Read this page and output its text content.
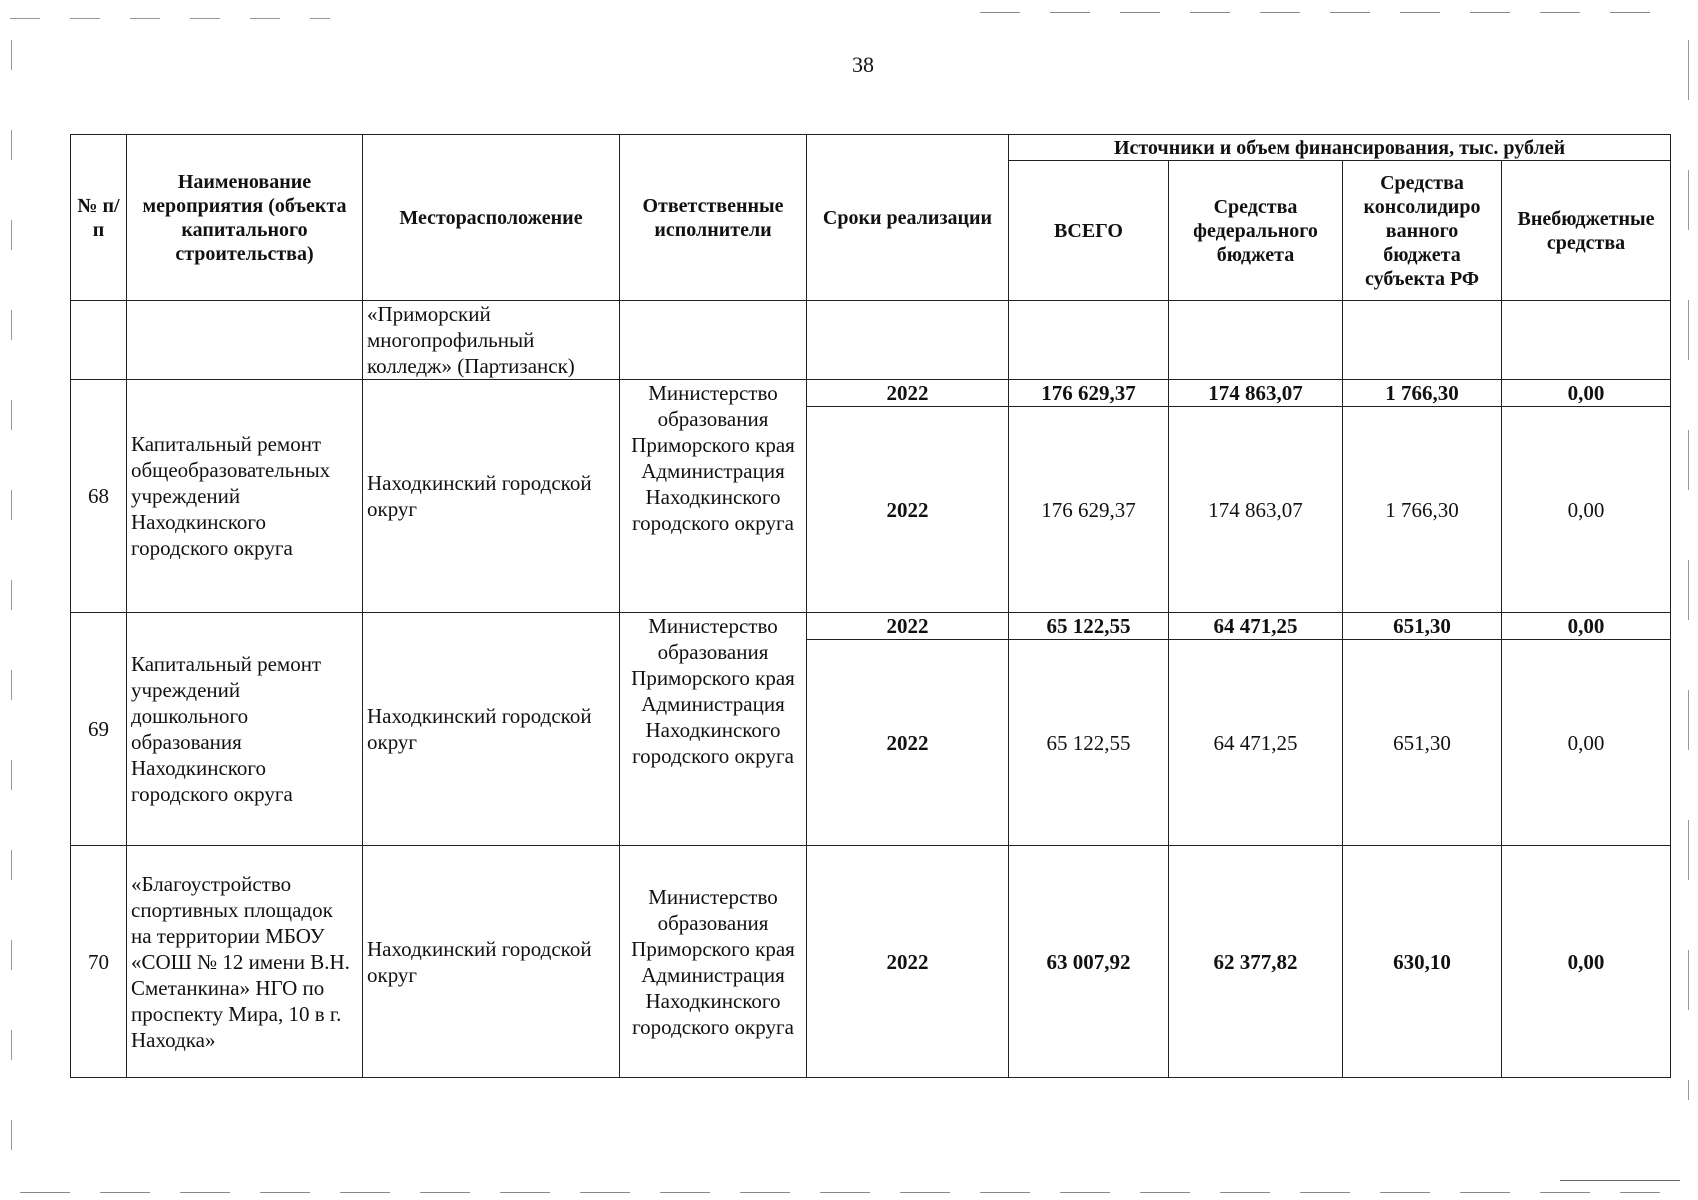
38
№ п/п	Наименование мероприятия (объекта капитального строительства)	Месторасположение	Ответственные исполнители	Сроки реализации	Источники и объем финансирования, тыс. рублей			
					ВСЕГО	Средства федерального бюджета	Средства консолидиро ванного бюджета субъекта РФ	Внебюджетные средства
		«Приморский многопрофильный колледж» (Партизанск)						
68	Капитальный ремонт общеобразовательных учреждений Находкинского городского округа	Находкинский городской округ	Министерство образования Приморского края Администрация Находкинского городского округа	2022	176 629,37	174 863,07	1 766,30	0,00
				2022	176 629,37	174 863,07	1 766,30	0,00
69	Капитальный ремонт учреждений дошкольного образования Находкинского городского округа	Находкинский городской округ	Министерство образования Приморского края Администрация Находкинского городского округа	2022	65 122,55	64 471,25	651,30	0,00
				2022	65 122,55	64 471,25	651,30	0,00
70	«Благоустройство спортивных площадок на территории МБОУ «СОШ № 12 имени В.Н. Сметанкина» НГО по проспекту Мира, 10 в г. Находка»	Находкинский городской округ	Министерство образования Приморского края Администрация Находкинского городского округа	2022	63 007,92	62 377,82	630,10	0,00
